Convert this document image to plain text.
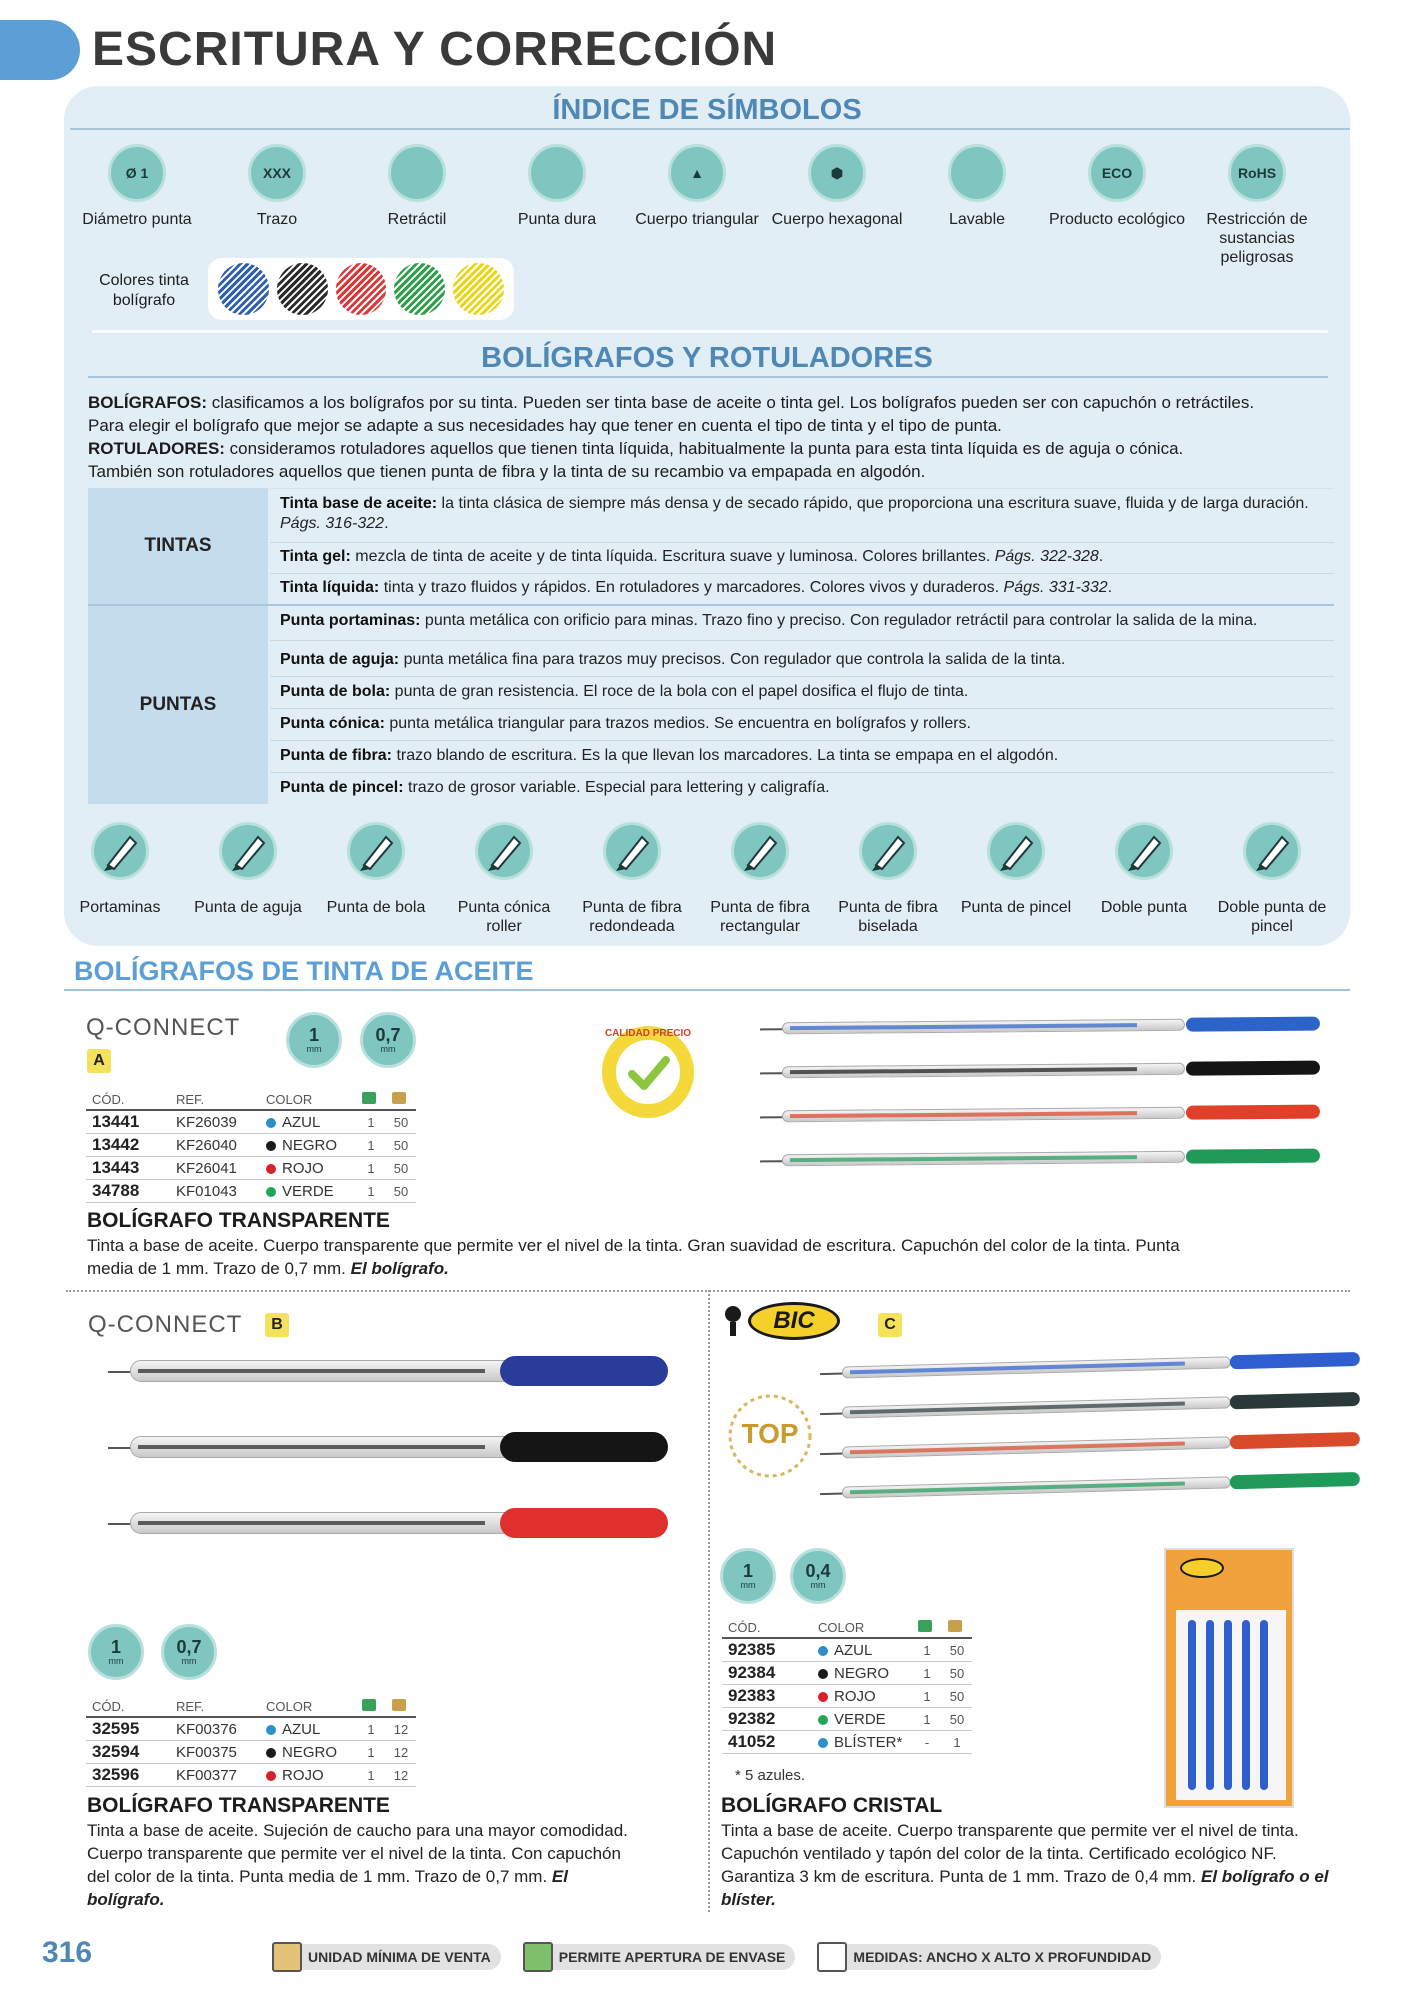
ESCRITURA Y CORRECCIÓN
ÍNDICE DE SÍMBOLOS
Ø 1
Diámetro punta
XXX
Trazo	Retráctil	Punta dura
▲
Cuerpo triangular
⬢
Cuerpo hexagonal	Lavable
ECO
Producto ecológico
RoHS
Restricción de sustancias peligrosas
Colores tinta bolígrafo
BOLÍGRAFOS Y ROTULADORES
BOLÍGRAFOS: clasificamos a los bolígrafos por su tinta. Pueden ser tinta base de aceite o tinta gel. Los bolígrafos pueden ser con capuchón o retráctiles.
Para elegir el bolígrafo que mejor se adapte a sus necesidades hay que tener en cuenta el tipo de tinta y el tipo de punta.
ROTULADORES: consideramos rotuladores aquellos que tienen tinta líquida, habitualmente la punta para esta tinta líquida es de aguja o cónica.
También son rotuladores aquellos que tienen punta de fibra y la tinta de su recambio va empapada en algodón.
TINTAS
Tinta base de aceite: la tinta clásica de siempre más densa y de secado rápido, que proporciona una escritura suave, fluida y de larga duración. Págs. 316-322.
Tinta gel: mezcla de tinta de aceite y de tinta líquida. Escritura suave y luminosa. Colores brillantes. Págs. 322-328.
Tinta líquida: tinta y trazo fluidos y rápidos. En rotuladores y marcadores. Colores vivos y duraderos. Págs. 331-332.
PUNTAS
Punta portaminas: punta metálica con orificio para minas. Trazo fino y preciso. Con regulador retráctil para controlar la salida de la mina.
Punta de aguja: punta metálica fina para trazos muy precisos. Con regulador que controla la salida de la tinta.
Punta de bola: punta de gran resistencia. El roce de la bola con el papel dosifica el flujo de tinta.
Punta cónica: punta metálica triangular para trazos medios. Se encuentra en bolígrafos y rollers.
Punta de fibra: trazo blando de escritura. Es la que llevan los marcadores. La tinta se empapa en el algodón.
Punta de pincel: trazo de grosor variable. Especial para lettering y caligrafía.
Portaminas	Punta de aguja	Punta de bola	Punta cónica roller
Punta de fibra redondeada
Punta de fibra rectangular
Punta de fibra biselada
Punta de pincel	Doble punta	Doble punta de pincel
BOLÍGRAFOS DE TINTA DE ACEITE
Q-CONNECT
A
1
mm
0,7
mm
CÓD.	REF.	COLOR		
13441	KF26039	AZUL	1	50
13442	KF26040	NEGRO	1	50
13443	KF26041	ROJO	1	50
34788	KF01043	VERDE	1	50
CALIDAD PRECIO
BOLÍGRAFO TRANSPARENTE
Tinta a base de aceite. Cuerpo transparente que permite ver el nivel de la tinta. Gran suavidad de escritura. Capuchón del color de la tinta. Punta media de 1 mm. Trazo de 0,7 mm. El bolígrafo.
Q-CONNECT	B
1
mm
0,7
mm
CÓD.	REF.	COLOR		
32595	KF00376	AZUL	1	12
32594	KF00375	NEGRO	1	12
32596	KF00377	ROJO	1	12
BOLÍGRAFO TRANSPARENTE
Tinta a base de aceite. Sujeción de caucho para una mayor comodidad. Cuerpo transparente que permite ver el nivel de la tinta. Con capuchón del color de la tinta. Punta media de 1 mm. Trazo de 0,7 mm. El bolígrafo.
BIC	C
TOP
1
mm
0,4
mm
CÓD.	COLOR		
92385	AZUL	1	50
92384	NEGRO	1	50
92383	ROJO	1	50
92382	VERDE	1	50
41052	BLÍSTER*	-	1
* 5 azules.
BOLÍGRAFO CRISTAL
Tinta a base de aceite. Cuerpo transparente que permite ver el nivel de tinta. Capuchón ventilado y tapón del color de la tinta. Certificado ecológico NF. Garantiza 3 km de escritura. Punta de 1 mm. Trazo de 0,4 mm. El bolígrafo o el blíster.
316	UNIDAD MÍNIMA DE VENTA	PERMITE APERTURA DE ENVASE	MEDIDAS: ANCHO X ALTO X PROFUNDIDAD
